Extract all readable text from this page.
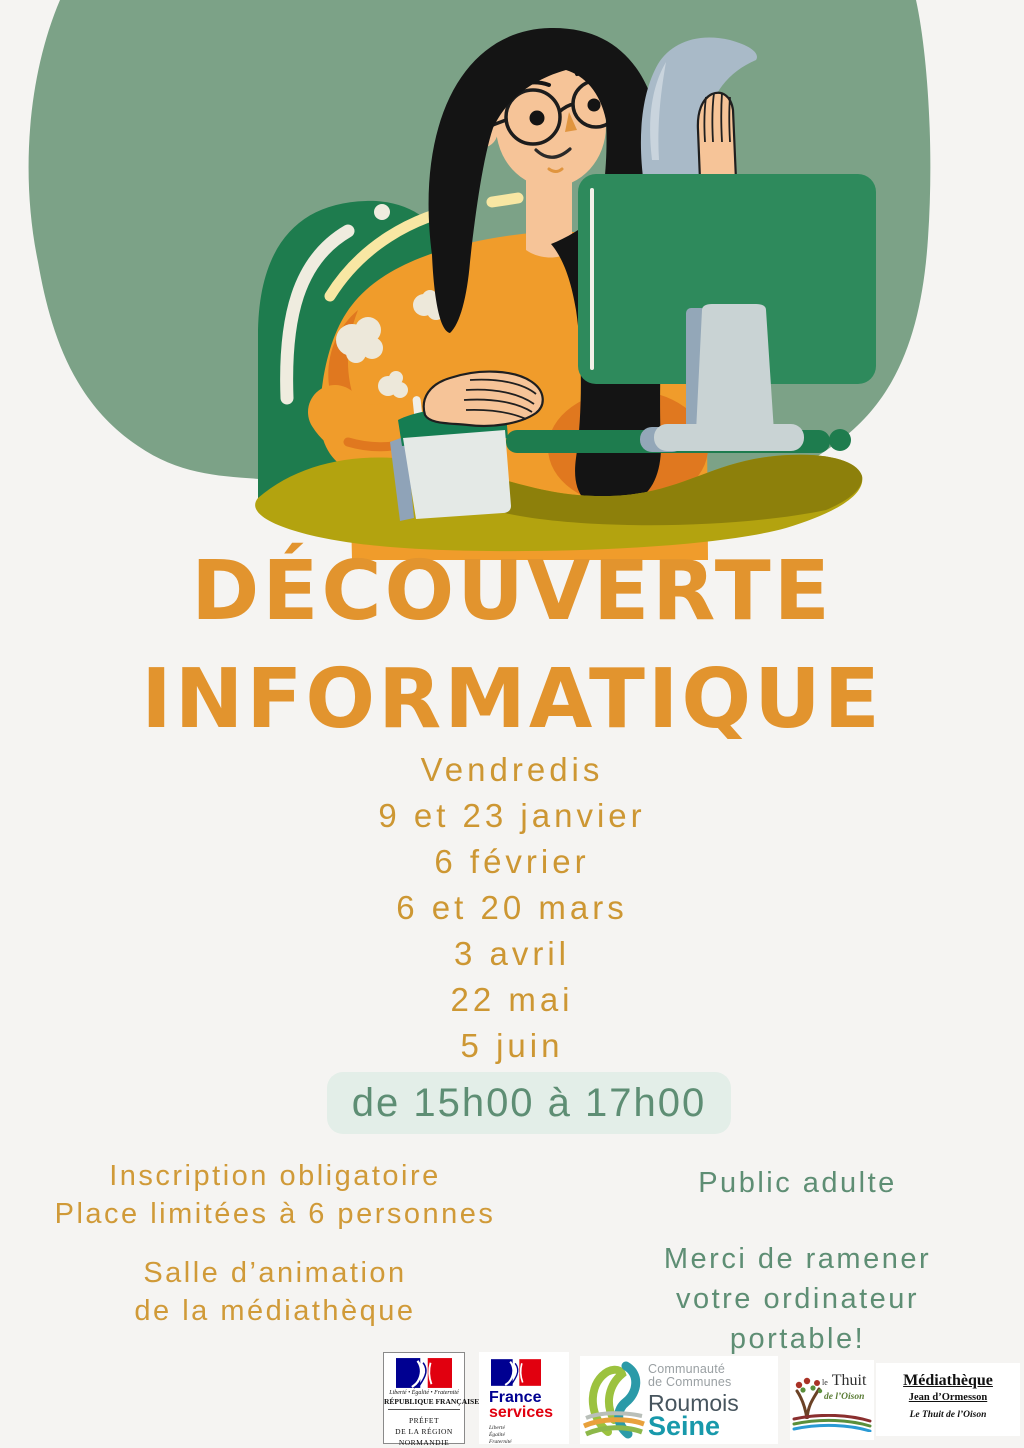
DÉCOUVERTE
INFORMATIQUE
Vendredis
9 et 23 janvier
6 février
6 et 20 mars
3 avril
22 mai
5 juin
de 15h00 à 17h00
Inscription obligatoire
Place limitées à 6 personnes
Salle d’animation
de la médiathèque
Public adulte
Merci de ramener
votre ordinateur
portable!
Liberté • Égalité • Fraternité
RÉPUBLIQUE FRANÇAISE
PRÉFET
DE LA RÉGION
NORMANDIE
France
services
Liberté
Égalité
Fraternité
Communauté
de Communes
Roumois
Seine
le Thuit
de l’Oison
Médiathèque
Jean d’Ormesson
Le Thuit de l’Oison
